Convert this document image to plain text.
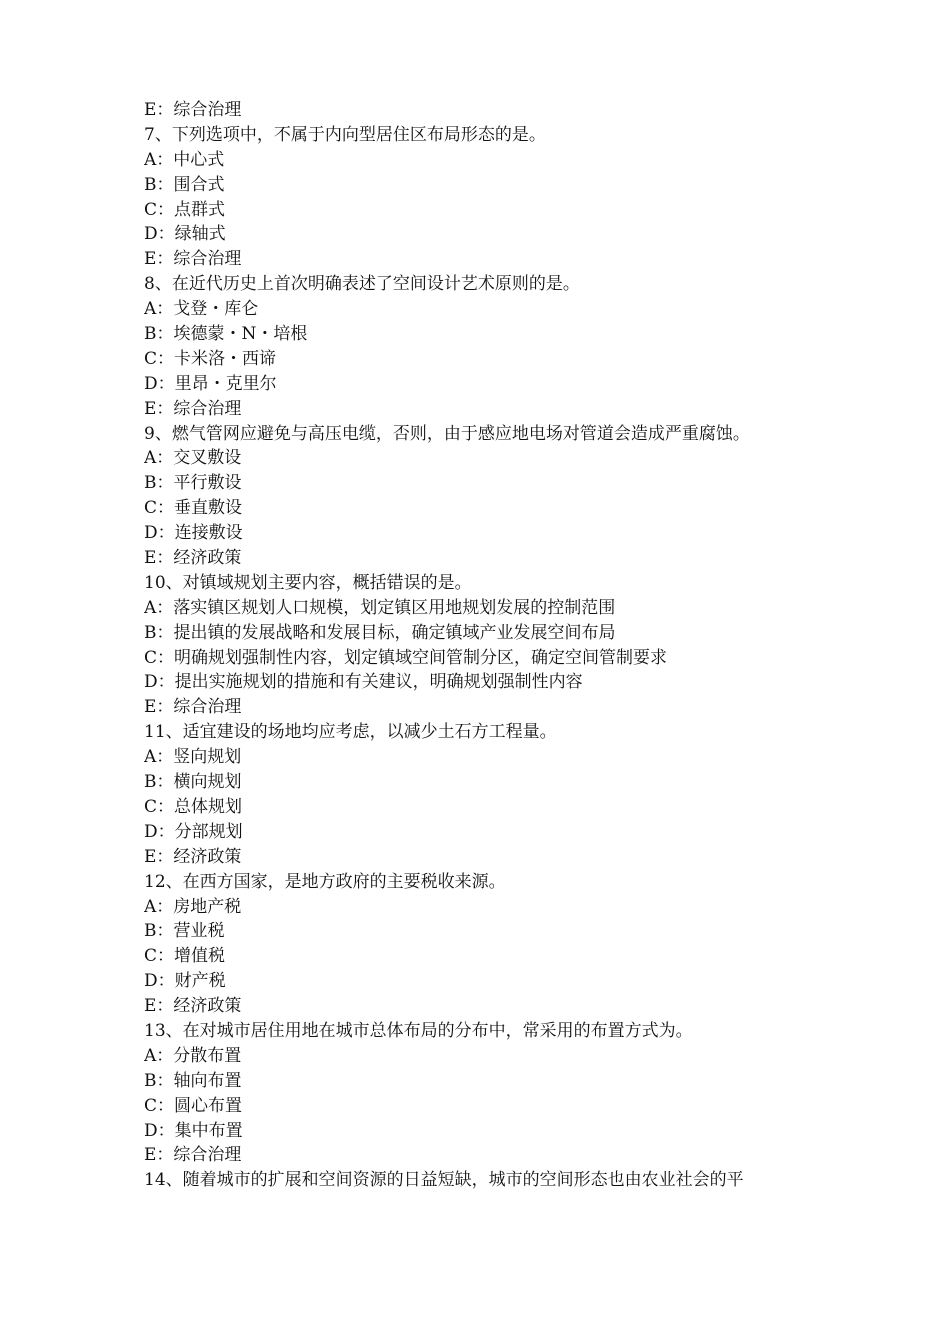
E：综合治理
7、下列选项中，不属于内向型居住区布局形态的是。
A：中心式
B：围合式
C：点群式
D：绿轴式
E：综合治理
8、在近代历史上首次明确表述了空间设计艺术原则的是。
A：戈登・库仑
B：埃德蒙・N・培根
C：卡米洛・西谛
D：里昂・克里尔
E：综合治理
9、燃气管网应避免与高压电缆，否则，由于感应地电场对管道会造成严重腐蚀。
A：交叉敷设
B：平行敷设
C：垂直敷设
D：连接敷设
E：经济政策
10、对镇域规划主要内容，概括错误的是。
A：落实镇区规划人口规模，划定镇区用地规划发展的控制范围
B：提出镇的发展战略和发展目标，确定镇域产业发展空间布局
C：明确规划强制性内容，划定镇域空间管制分区，确定空间管制要求
D：提出实施规划的措施和有关建议，明确规划强制性内容
E：综合治理
11、适宜建设的场地均应考虑，以减少土石方工程量。
A：竖向规划
B：横向规划
C：总体规划
D：分部规划
E：经济政策
12、在西方国家，是地方政府的主要税收来源。
A：房地产税
B：营业税
C：增值税
D：财产税
E：经济政策
13、在对城市居住用地在城市总体布局的分布中，常采用的布置方式为。
A：分散布置
B：轴向布置
C：圆心布置
D：集中布置
E：综合治理
14、随着城市的扩展和空间资源的日益短缺，城市的空间形态也由农业社会的平
